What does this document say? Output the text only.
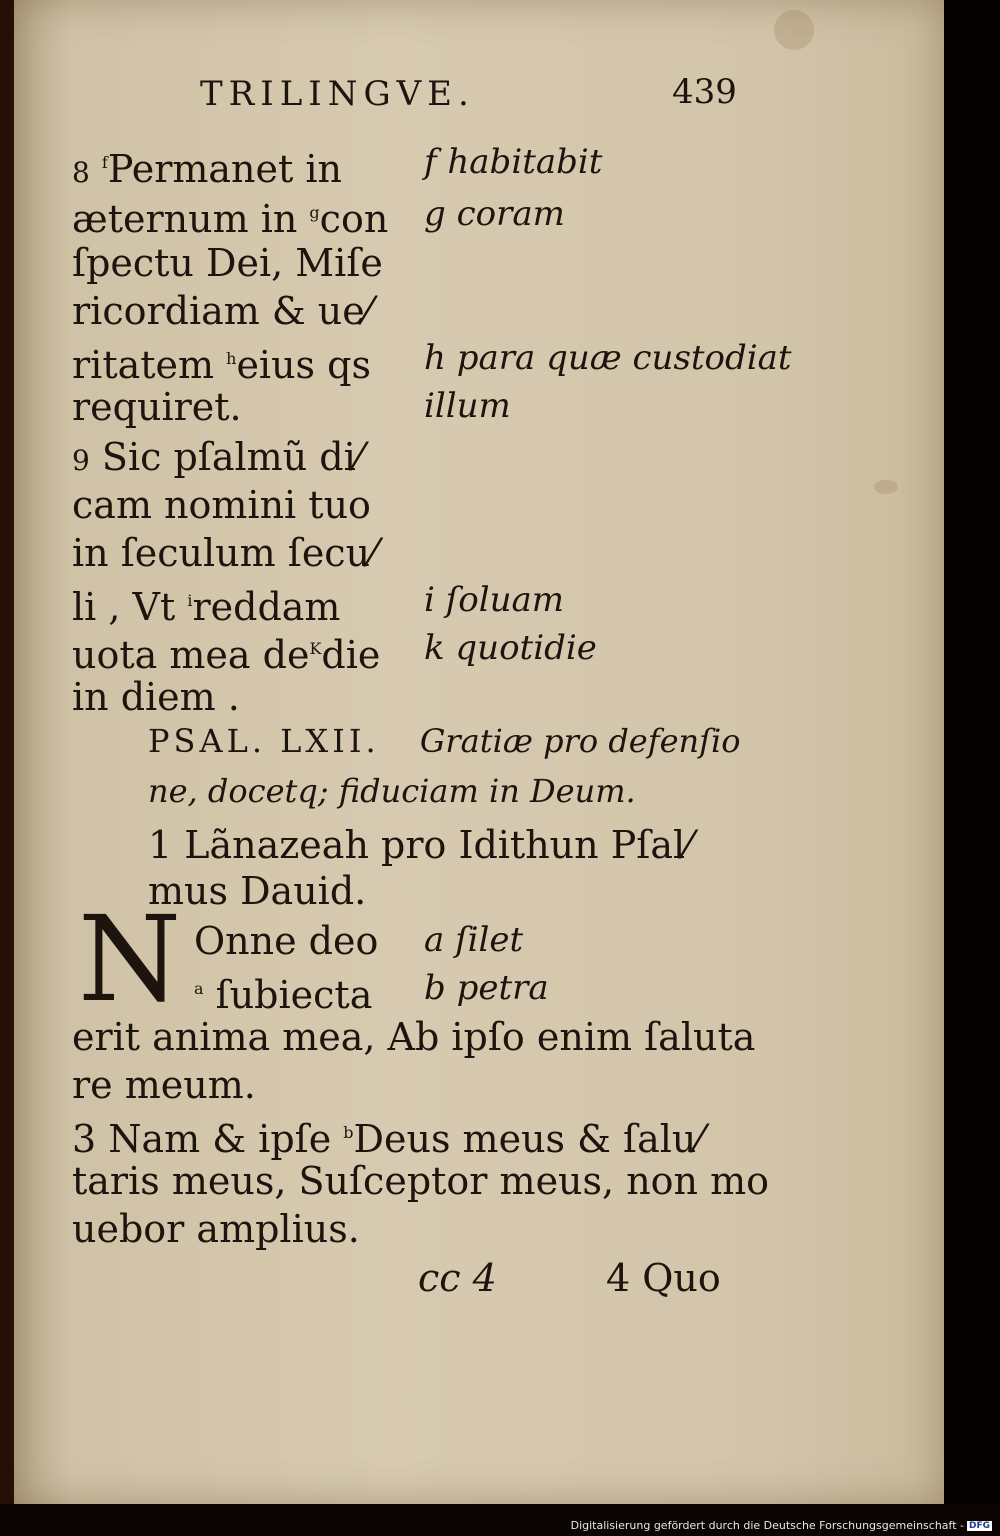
TRILINGVE.	439
8 $^f$Permanet in
æternum in $^g$con
ſpectu Dei, Miſe
ricordiam & ue⁄
ritatem $^h$eius qs
requiret.
9 Sic pſalmũ di⁄
cam nomini tuo
in ſeculum ſecu⁄
li , Vt $^i$reddam
uota mea $de^Kdie$
in diem .
f habitabit
g coram
h para quæ custodiat
illum
i ſoluam
k quotidie
PSAL. LXII. Gratiæ pro defenſio
ne, docetq; fiduciam in Deum.
1 Lãnazeah pro Idithun Pſal⁄
mus Dauid.
N Onne deo
$^a$ ſubiecta
a ſilet
b petra
erit anima mea, Ab ipſo enim ſaluta
re meum.
3 Nam & ipſe $^b$Deus meus & ſalu⁄
taris meus, Suſceptor meus, non mo
uebor amplius.
cc 4	4 Quo
Digitalisierung gefördert durch die Deutsche Forschungsgemeinschaft - DFG
